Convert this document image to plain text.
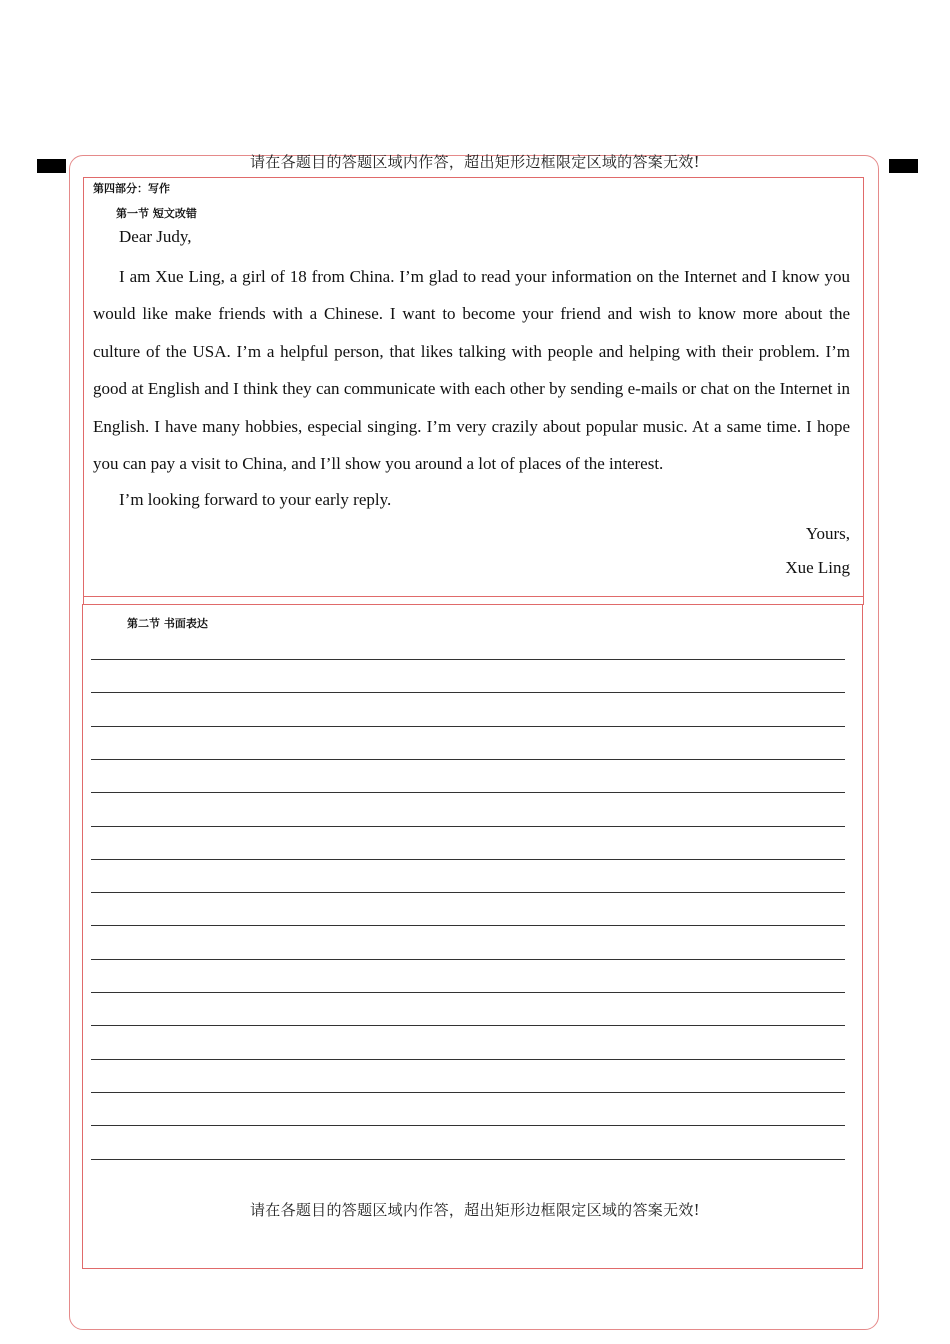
请在各题目的答题区域内作答，超出矩形边框限定区域的答案无效!
第四部分：写作
第一节 短文改错

Dear Judy,

I am Xue Ling, a girl of 18 from China. I’m glad to read your information on the Internet and I know you would like make friends with a Chinese. I want to become your friend and wish to know more about the culture of the USA. I’m a helpful person, that likes talking with people and helping with their problem. I’m good at English and I think they can communicate with each other by sending e-mails or chat on the Internet in English. I have many hobbies, especial singing. I’m very crazily about popular music. At a same time. I hope you can pay a visit to China, and I’ll show you around a lot of places of the interest.

I’m looking forward to your early reply.

Yours,
Xue Ling
第二节 书面表达
请在各题目的答题区域内作答，超出矩形边框限定区域的答案无效!
